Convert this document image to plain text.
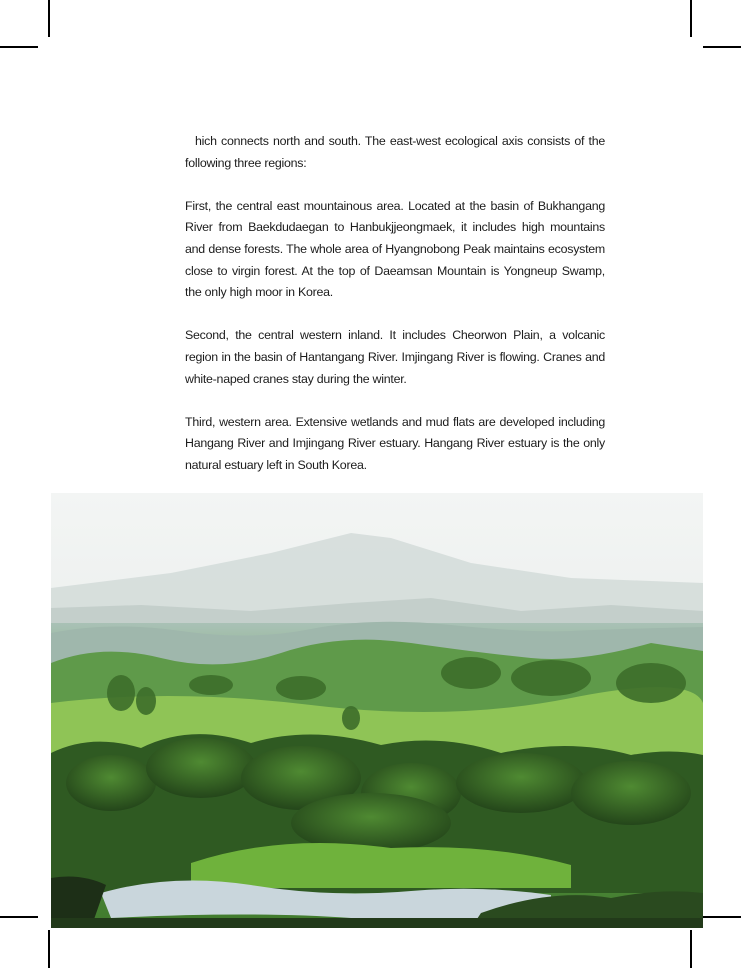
hich connects north and south. The east-west ecological axis consists of the following three regions:

First, the central east mountainous area. Located at the basin of Bukhangang River from Baekdudaegan to Hanbukjjeongmaek, it includes high mountains and dense forests. The whole area of Hyangnobong Peak maintains ecosystem close to virgin forest. At the top of Daeamsan Mountain is Yongneup Swamp, the only high moor in Korea.

Second, the central western inland. It includes Cheorwon Plain, a volcanic region in the basin of Hantangang River. Imjingang River is flowing. Cranes and white-naped cranes stay during the winter.

Third, western area. Extensive wetlands and mud flats are developed including Hangang River and Imjingang River estuary. Hangang River estuary is the only natural estuary left in South Korea.
